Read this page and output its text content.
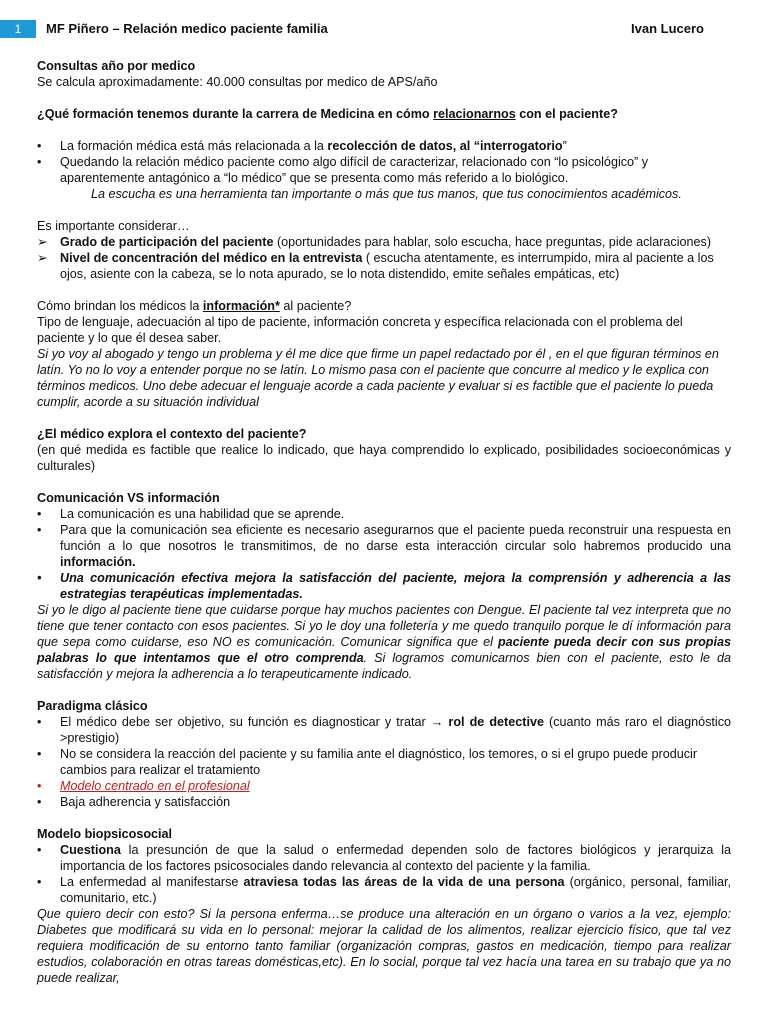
1	MF Piñero – Relación medico paciente familia	Ivan Lucero

Consultas año por medico

Se calcula aproximadamente: 40.000 consultas por medico de APS/año

¿Qué formación tenemos durante la carrera de Medicina en cómo relacionarnos con el paciente?

• La formación médica está más relacionada a la recolección de datos, al “interrogatorio”
• Quedando la relación médico paciente como algo difícil de caracterizar, relacionado con “lo psicológico” y aparentemente antagónico a “lo médico” que se presenta como más referido a lo biológico.

La escucha es una herramienta tan importante o más que tus manos, que tus conocimientos académicos.

Es importante considerar…

➢ Grado de participación del paciente (oportunidades para hablar, solo escucha, hace preguntas, pide aclaraciones)
➢ Nivel de concentración del médico en la entrevista ( escucha atentamente, es interrumpido, mira al paciente a los ojos, asiente con la cabeza, se lo nota apurado, se lo nota distendido, emite señales empáticas, etc)

Cómo brindan los médicos la información* al paciente?

Tipo de lenguaje, adecuación al tipo de paciente, información concreta y específica relacionada con el problema del paciente y lo que él desea saber.

Si yo voy al abogado y tengo un problema y él me dice que firme un papel redactado por él , en el que figuran términos en latín. Yo no lo voy a entender porque no se latín. Lo mismo pasa con el paciente que concurre al medico y le explica con términos medicos. Uno debe adecuar el lenguaje acorde a cada paciente y evaluar si es factible que el paciente lo pueda cumplir, acorde a su situación individual

¿El médico explora el contexto del paciente?

(en qué medida es factible que realice lo indicado, que haya comprendido lo explicado, posibilidades socioeconómicas y culturales)

Comunicación VS información

• La comunicación es una habilidad que se aprende.
• Para que la comunicación sea eficiente es necesario asegurarnos que el paciente pueda reconstruir una respuesta en función a lo que nosotros le transmitimos, de no darse esta interacción circular solo habremos producido una información.
• Una comunicación efectiva mejora la satisfacción del paciente, mejora la comprensión y adherencia a las estrategias terapéuticas implementadas.

Si yo le digo al paciente tiene que cuidarse porque hay muchos pacientes con Dengue. El paciente tal vez interpreta que no tiene que tener contacto con esos pacientes. Si yo le doy una folletería y me quedo tranquilo porque le dí información para que sepa como cuidarse, eso NO es comunicación. Comunicar significa que el paciente pueda decir con sus propias palabras lo que intentamos que el otro comprenda. Si logramos comunicarnos bien con el paciente, esto le da satisfacción y mejora la adherencia a lo terapeuticamente indicado.

Paradigma clásico

• El médico debe ser objetivo, su función es diagnosticar y tratar → rol de detective (cuanto más raro el diagnóstico >prestigio)
• No se considera la reacción del paciente y su familia ante el diagnóstico, los temores, o si el grupo puede producir cambios para realizar el tratamiento
• Modelo centrado en el profesional
• Baja adherencia y satisfacción

Modelo biopsicosocial

• Cuestiona la presunción de que la salud o enfermedad dependen solo de factores biológicos y jerarquiza la importancia de los factores psicosociales dando relevancia al contexto del paciente y la familia.
• La enfermedad al manifestarse atraviesa todas las áreas de la vida de una persona (orgánico, personal, familiar, comunitario, etc.)

Que quiero decir con esto? Si la persona enferma…se produce una alteración en un órgano o varios a la vez, ejemplo: Diabetes que modificará su vida en lo personal: mejorar la calidad de los alimentos, realizar ejercicio físico, que tal vez requiera modificación de su entorno tanto familiar (organización compras, gastos en medicación, tiempo para realizar estudios, colaboración en otras tareas domésticas,etc). En lo social, porque tal vez hacía una tarea en su trabajo que ya no puede realizar,
